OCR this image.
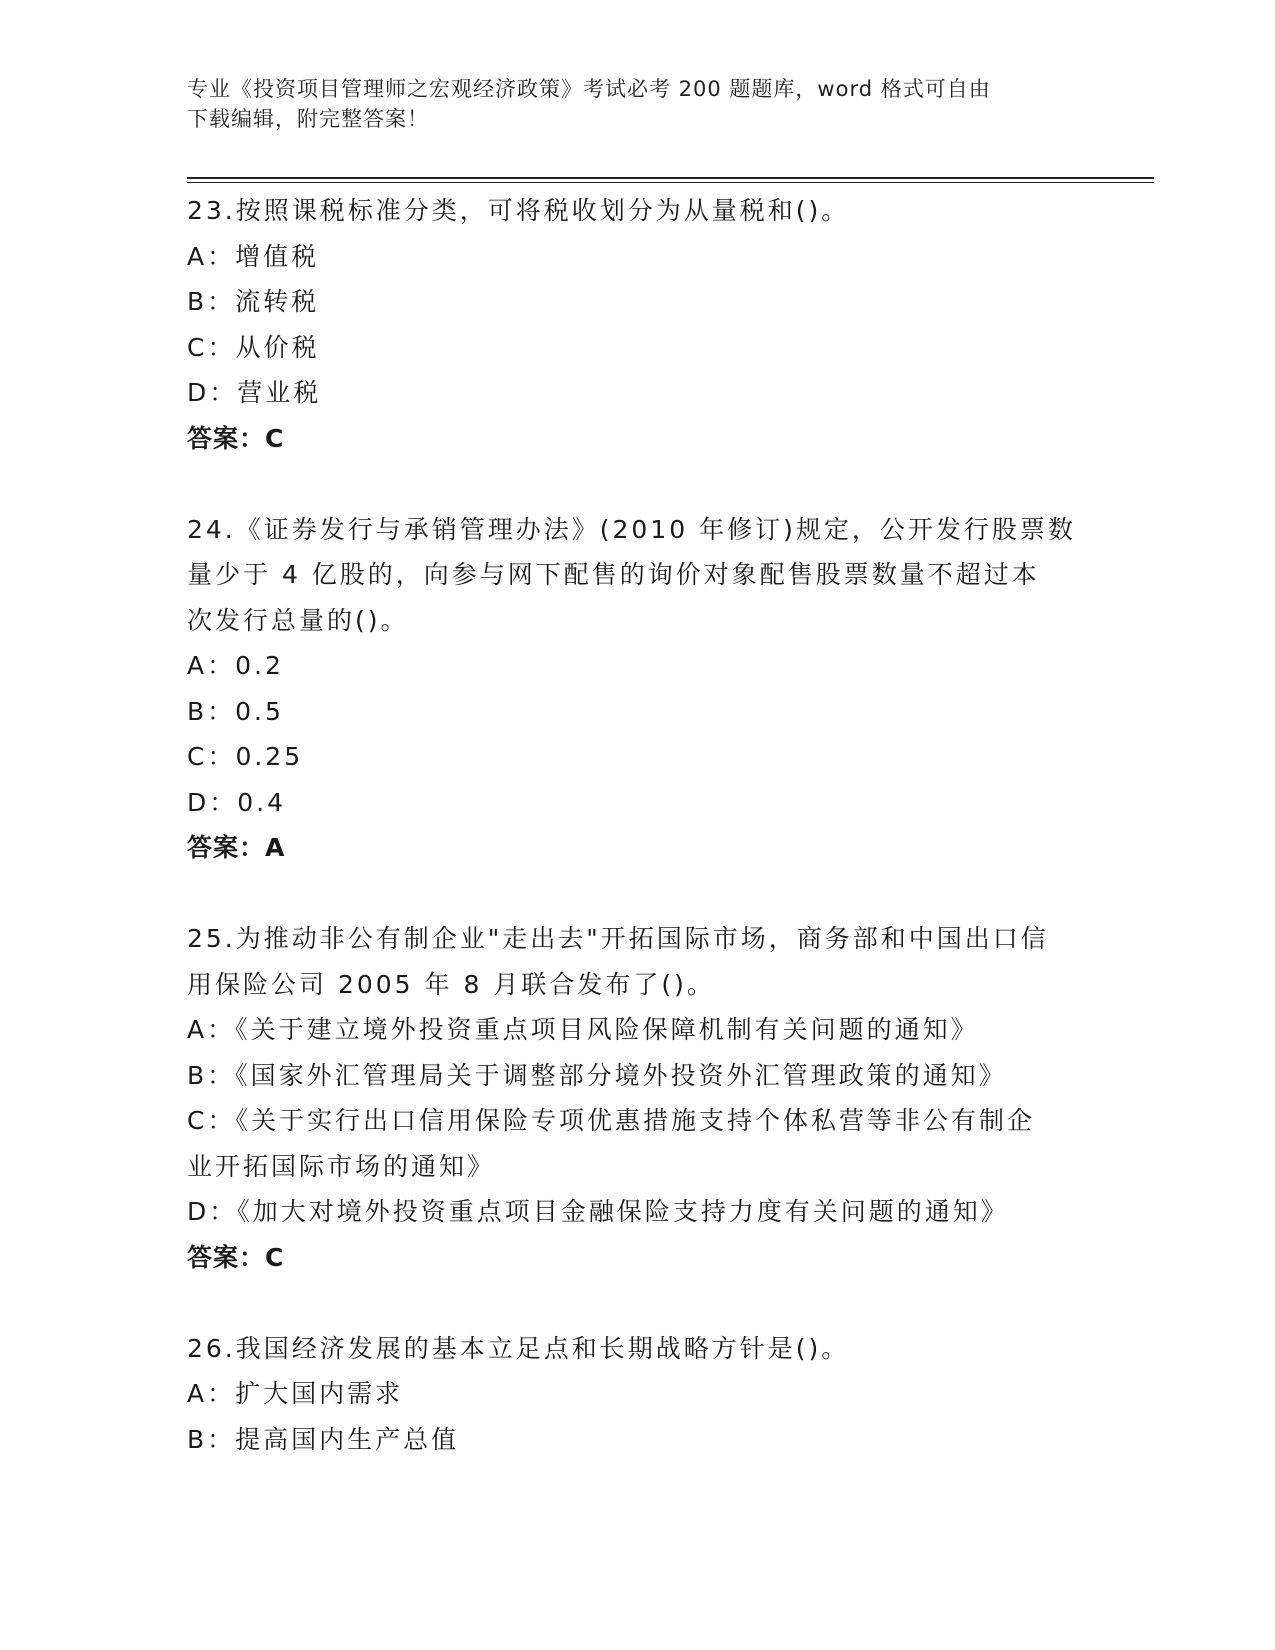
专业《投资项目管理师之宏观经济政策》考试必考 200 题题库，word 格式可自由
下载编辑，附完整答案！
23.按照课税标准分类，可将税收划分为从量税和()。
A：增值税
B：流转税
C：从价税
D：营业税
答案：C
24.《证券发行与承销管理办法》(2010 年修订)规定，公开发行股票数
量少于 4 亿股的，向参与网下配售的询价对象配售股票数量不超过本
次发行总量的()。
A：0.2
B：0.5
C：0.25
D：0.4
答案：A
25.为推动非公有制企业"走出去"开拓国际市场，商务部和中国出口信
用保险公司 2005 年 8 月联合发布了()。
A：《关于建立境外投资重点项目风险保障机制有关问题的通知》
B：《国家外汇管理局关于调整部分境外投资外汇管理政策的通知》
C：《关于实行出口信用保险专项优惠措施支持个体私营等非公有制企
业开拓国际市场的通知》
D：《加大对境外投资重点项目金融保险支持力度有关问题的通知》
答案：C
26.我国经济发展的基本立足点和长期战略方针是()。
A：扩大国内需求
B：提高国内生产总值
